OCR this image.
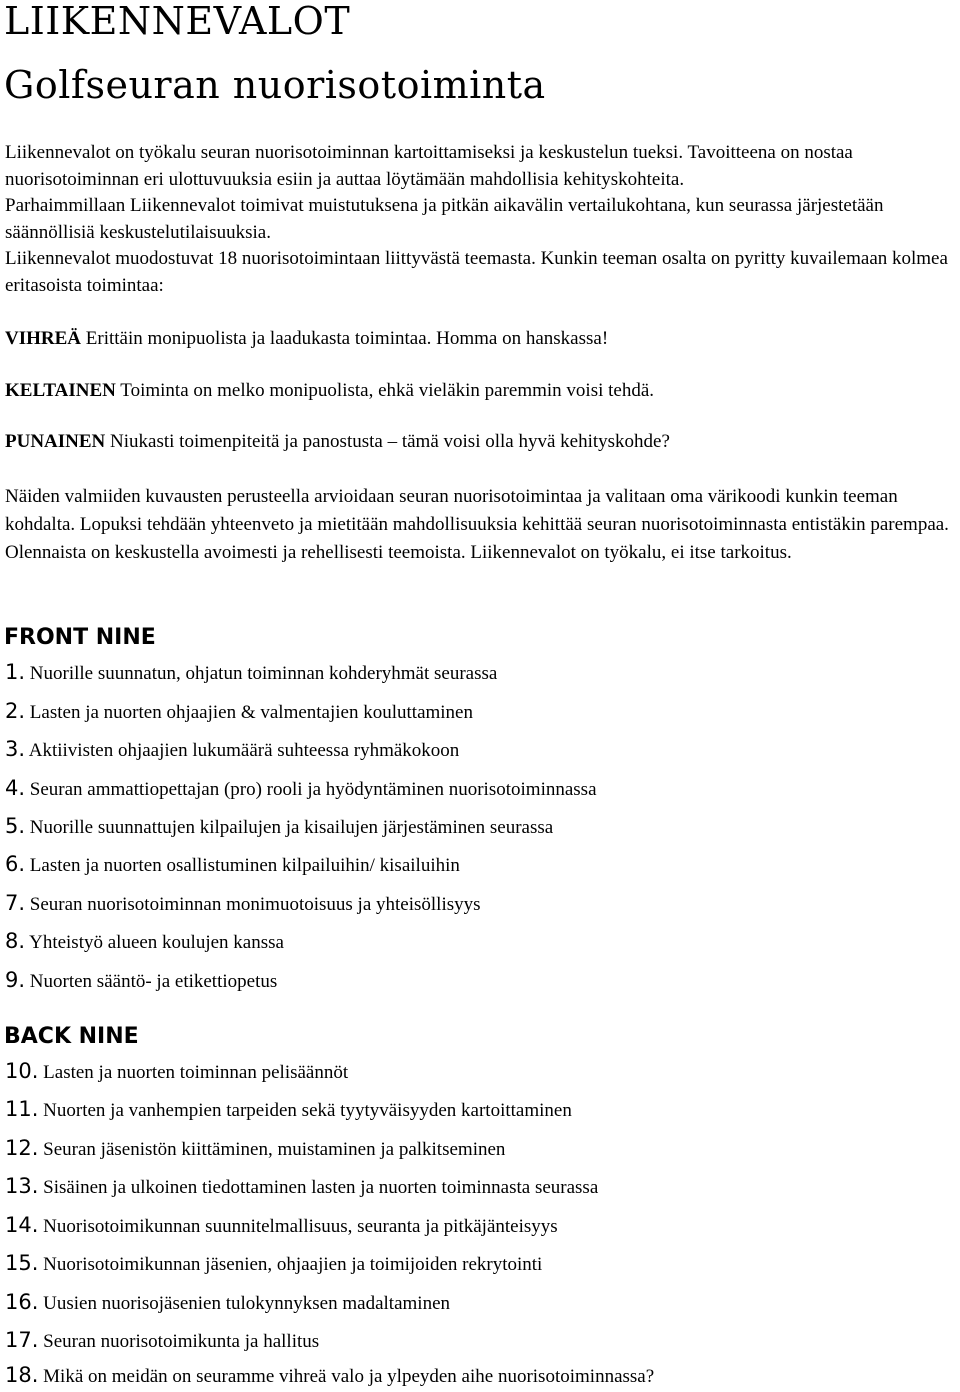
LIIKENNEVALOT
Golfseuran nuorisotoiminta

Liikennevalot on työkalu seuran nuorisotoiminnan kartoittamiseksi ja keskustelun tueksi. Tavoitteena on nostaa nuorisotoiminnan eri ulottuvuuksia esiin ja auttaa löytämään mahdollisia kehityskohteita.

Parhaimmillaan Liikennevalot toimivat muistutuksena ja pitkän aikavälin vertailukohtana, kun seurassa järjestetään säännöllisiä keskustelutilaisuuksia.

Liikennevalot muodostuvat 18 nuorisotoimintaan liittyvästä teemasta. Kunkin teeman osalta on pyritty kuvailemaan kolmea eritasoista toimintaa:

VIHREÄ Erittäin monipuolista ja laadukasta toimintaa. Homma on hanskassa!

KELTAINEN Toiminta on melko monipuolista, ehkä vieläkin paremmin voisi tehdä.

PUNAINEN Niukasti toimenpiteitä ja panostusta – tämä voisi olla hyvä kehityskohde?

Näiden valmiiden kuvausten perusteella arvioidaan seuran nuorisotoimintaa ja valitaan oma värikoodi kunkin teeman kohdalta. Lopuksi tehdään yhteenveto ja mietitään mahdollisuuksia kehittää seuran nuorisotoiminnasta entistäkin parempaa. Olennaista on keskustella avoimesti ja rehellisesti teemoista. Liikennevalot on työkalu, ei itse tarkoitus.

FRONT NINE

1. Nuorille suunnatun, ohjatun toiminnan kohderyhmät seurassa

2. Lasten ja nuorten ohjaajien & valmentajien kouluttaminen

3. Aktiivisten ohjaajien lukumäärä suhteessa ryhmäkokoon

4. Seuran ammattiopettajan (pro) rooli ja hyödyntäminen nuorisotoiminnassa

5. Nuorille suunnattujen kilpailujen ja kisailujen järjestäminen seurassa

6. Lasten ja nuorten osallistuminen kilpailuihin/ kisailuihin

7. Seuran nuorisotoiminnan monimuotoisuus ja yhteisöllisyys

8. Yhteistyö alueen koulujen kanssa

9. Nuorten sääntö- ja etikettiopetus

BACK NINE

10. Lasten ja nuorten toiminnan pelisäännöt

11. Nuorten ja vanhempien tarpeiden sekä tyytyväisyyden kartoittaminen

12. Seuran jäsenistön kiittäminen, muistaminen ja palkitseminen

13. Sisäinen ja ulkoinen tiedottaminen lasten ja nuorten toiminnasta seurassa

14. Nuorisotoimikunnan suunnitelmallisuus, seuranta ja pitkäjänteisyys

15. Nuorisotoimikunnan jäsenien, ohjaajien ja toimijoiden rekrytointi

16. Uusien nuorisojäsenien tulokynnyksen madaltaminen

17. Seuran nuorisotoimikunta ja hallitus

18. Mikä on meidän on seuramme vihreä valo ja ylpeyden aihe nuorisotoiminnassa?
